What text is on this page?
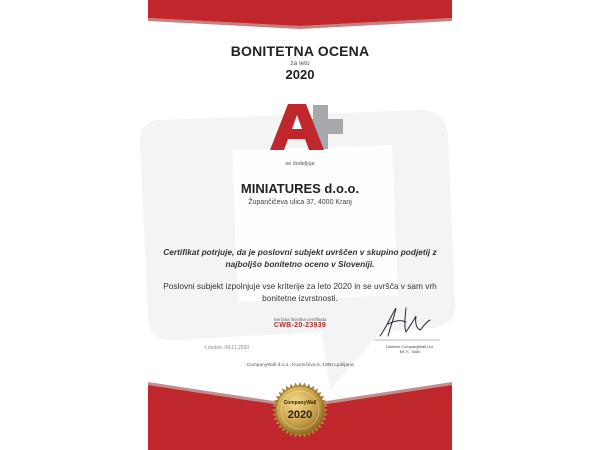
BONITETNA OCENA
za leto
2020
se dodeljuje
MINIATURES d.o.o.
Župančičeva ulica 37, 4000 Kranj
Certifikat potrjuje, da je poslovni subjekt uvrščen v skupino podjetij z najboljšo bonitetno oceno v Sloveniji.
Poslovni subjekt izpolnjuje vse kriterije za leto 2020 in se uvršča v sam vrh bonitetne izvrstnosti.
Serijska številka certifikata
CWB-20-23939
London, 04.11.2020	Direktor CompanyWall Ltd.
Mr. K. Todic
CompanyWall d.o.o., Kuzmičeva 5, 1000 Ljubljana
CompanyWall
2020
